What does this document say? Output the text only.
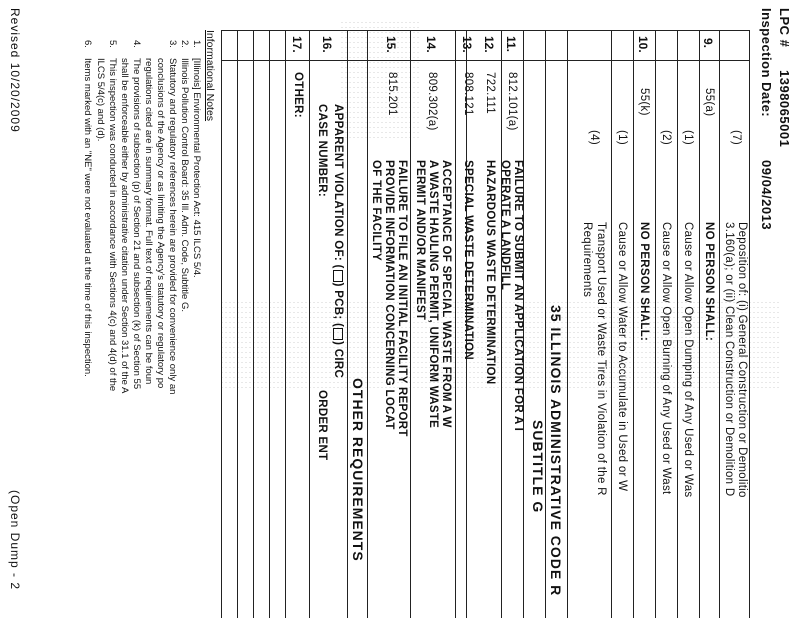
LPC #
1398065001
Inspection Date:
09/04/2013
(7)
Deposition of: (i) General Construction or Demolitio
3.160(a); or (ii) Clean Construction or Demolition D
9.
55(a)
NO PERSON SHALL:
(1)
Cause or Allow Open Dumping of Any Used or Was
(2)
Cause or Allow Open Burning of Any Used or Wast
10.
55(k)
NO PERSON SHALL:
(1)
Cause or Allow Water to Accumulate in Used or W
(4)
Transport Used or Waste Tires in Violation of the R
Requirements
35 ILLINOIS ADMINISTRATIVE CODE R
SUBTITLE G
11.
812.101(a)
FAILURE TO SUBMIT AN APPLICATION FOR A I
OPERATE A LANDFILL
12.
722.111
HAZARDOUS WASTE DETERMINATION
13.
808.121
SPECIAL WASTE DETERMINATION
14.
809.302(a)
ACCEPTANCE OF SPECIAL WASTE FROM A W
A WASTE HAULING PERMIT, UNIFORM WASTE
PERMIT AND/OR MANIFEST
15.
815.201
FAILURE TO FILE AN INITIAL FACILITY REPORT
PROVIDE INFORMATION CONCERNING LOCAT
OF THE FACILITY
OTHER REQUIREMENTS
16.
APPARENT VIOLATION OF: () PCB; () CIRC
CASE NUMBER:
ORDER ENT
17.
OTHER:
Informational Notes
1.
[Illinois] Environmental Protection Act: 415 ILCS 5/4.
2.
Illinois Pollution Control Board: 35 Ill. Adm. Code, Subtitle G.
3.
Statutory and regulatory references herein are provided for convenience only an
conclusions of the Agency or as limiting the Agency's statutory or regulatory po
regulations cited are in summary format. Full text of requirements can be foun
4.
The provisions of subsection (p) of Section 21 and subsection (k) of Section 55
shall be enforceable either by administrative citation under Section 31.1 of the A
5.
This inspection was conducted in accordance with Sections 4(c) and 4(d) of the
ILCS 5/4(c) and (d).
6.
Items marked with an "NE" were not evaluated at the time of this inspection.
Revised 10/20/2009
(Open Dump - 2
